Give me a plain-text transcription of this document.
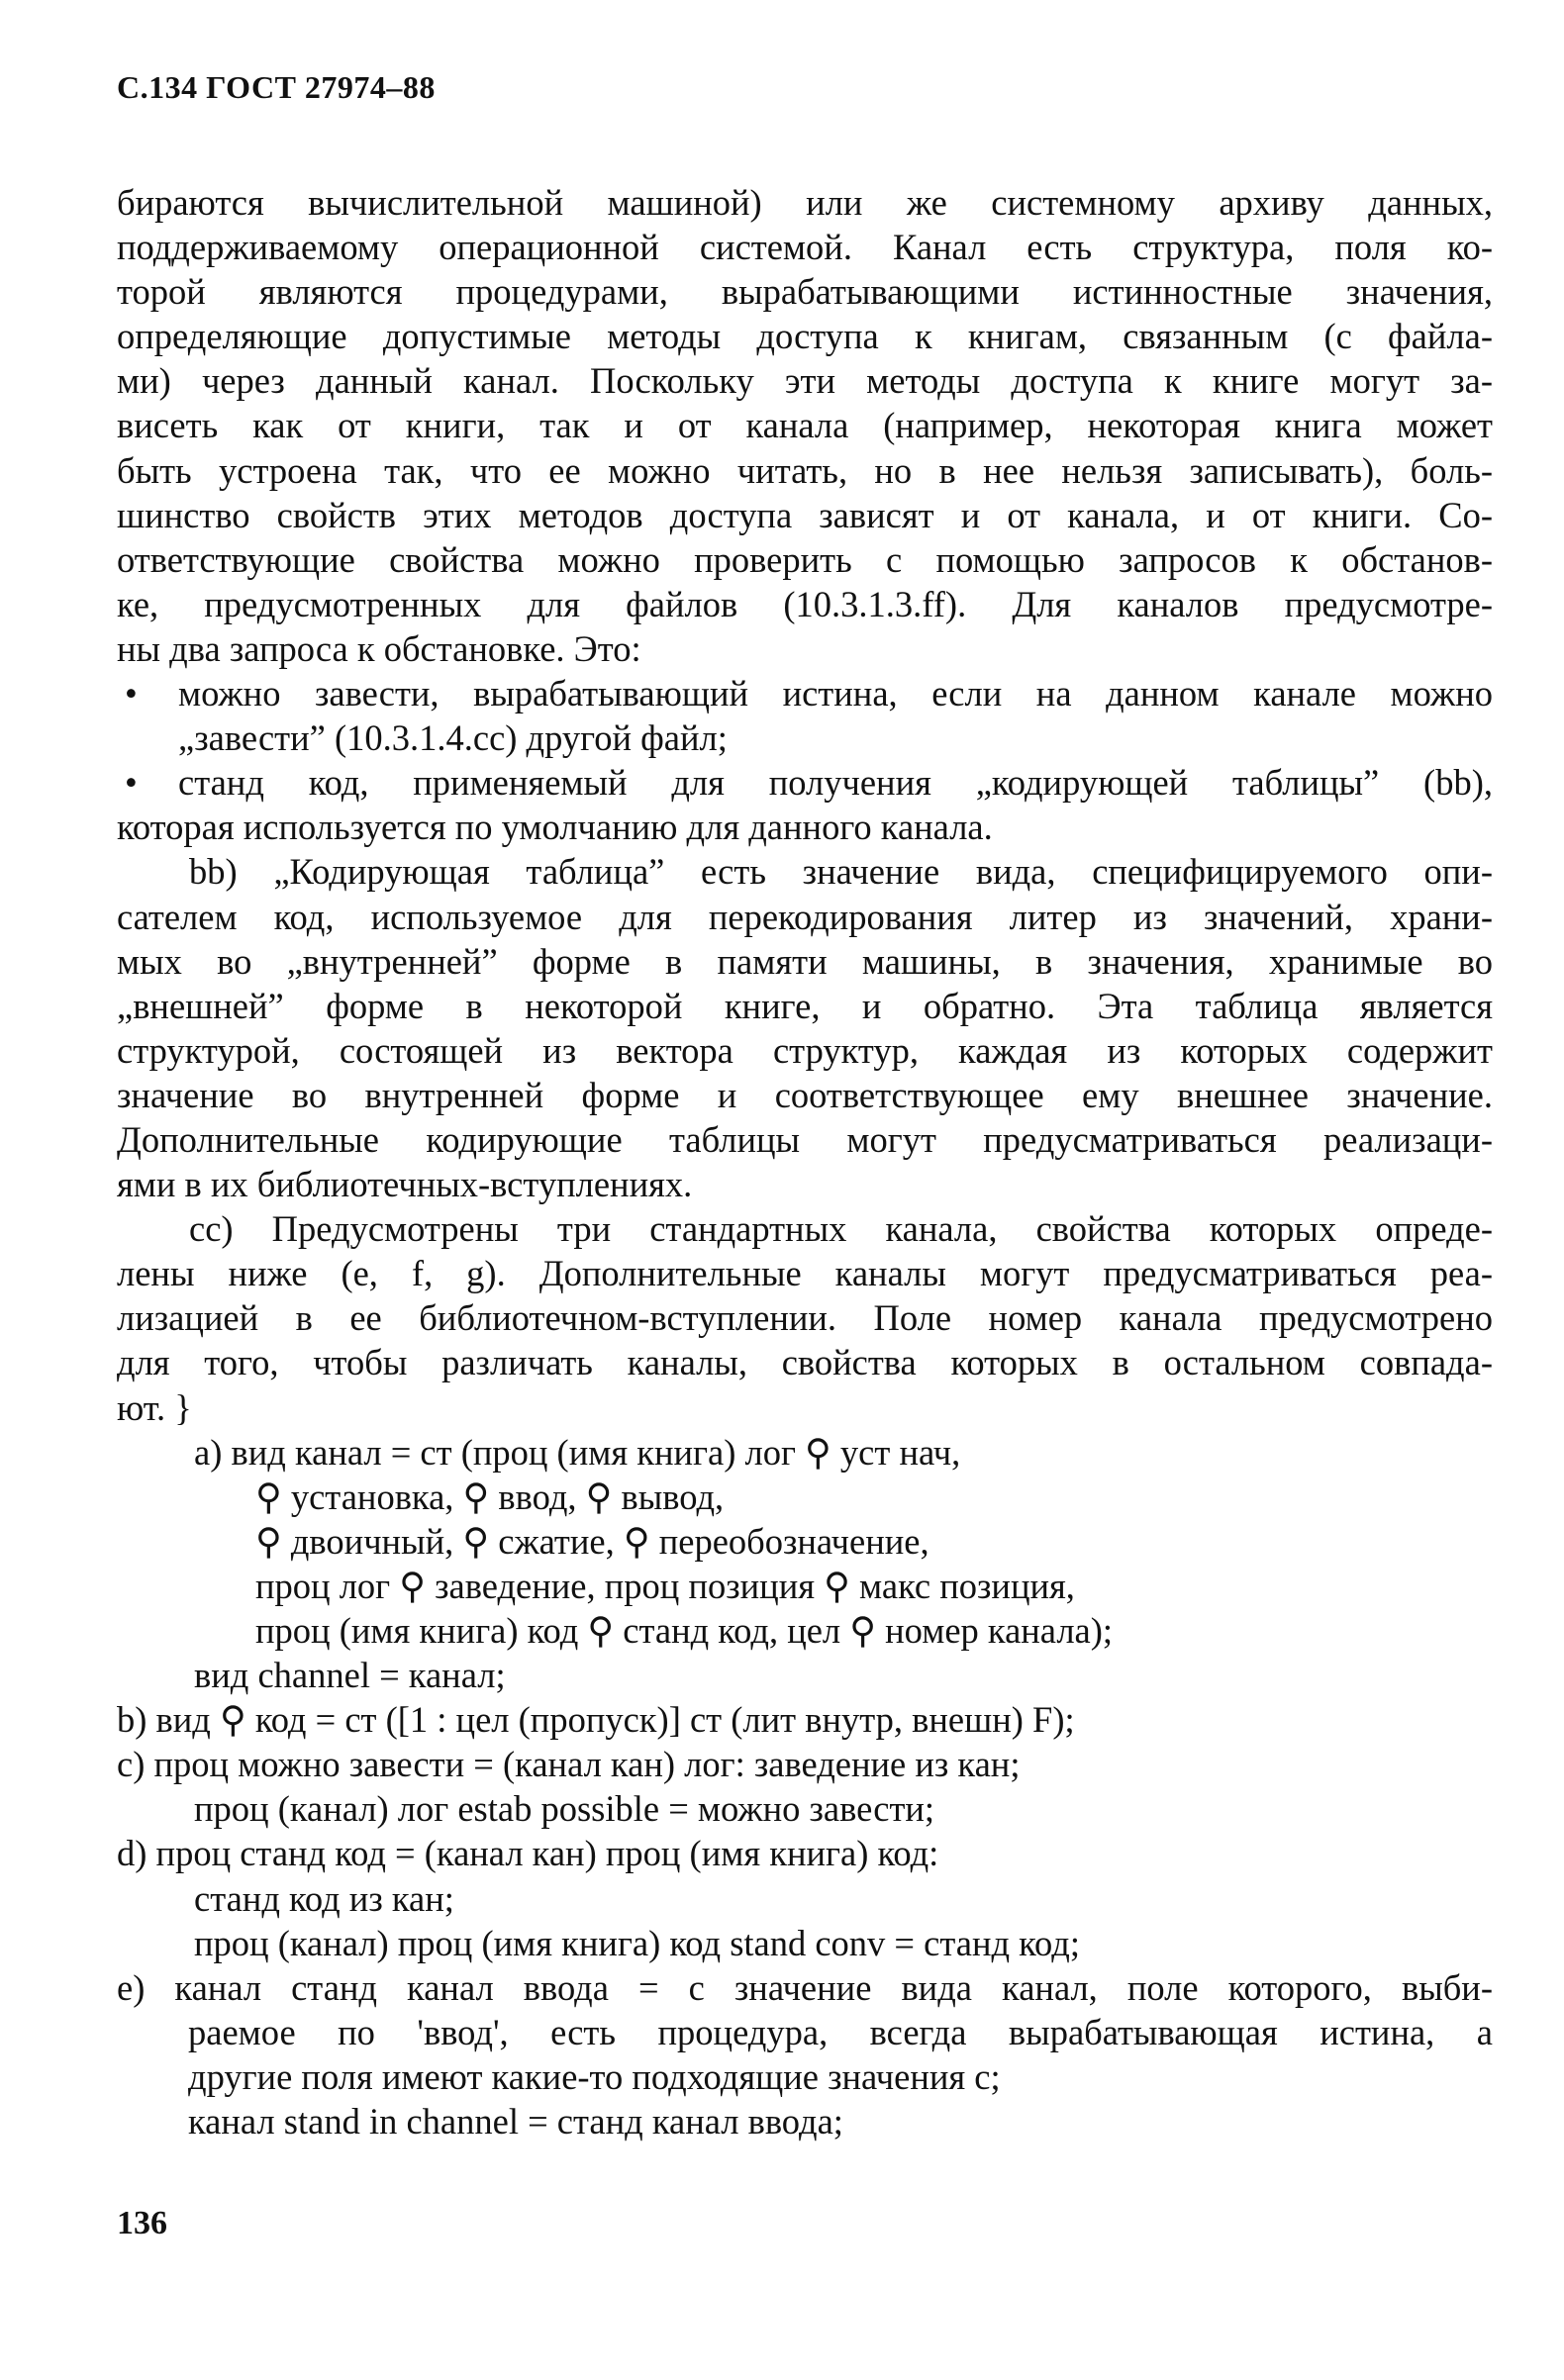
С.134 ГОСТ 27974–88
бираются вычислительной машиной) или же системному архиву данных,
поддерживаемому операционной системой. Канал есть структура, поля ко-
торой являются процедурами, вырабатывающими истинностные значения,
определяющие допустимые методы доступа к книгам, связанным (с файла-
ми) через данный канал. Поскольку эти методы доступа к книге могут за-
висеть как от книги, так и от канала (например, некоторая книга может
быть устроена так, что ее можно читать, но в нее нельзя записывать), боль-
шинство свойств этих методов доступа зависят и от канала, и от книги. Со-
ответствующие свойства можно проверить с помощью запросов к обстанов-
ке, предусмотренных для файлов (10.3.1.3.ff). Для каналов предусмотре-
ны два запроса к обстановке. Это:
•	можно завести, вырабатывающий истина, если на данном канале можно
„завести” (10.3.1.4.cc) другой файл;
•	станд код, применяемый для получения „кодирующей таблицы” (bb),
которая используется по умолчанию для данного канала.
bb) „Кодирующая таблица” есть значение вида, специфицируемого опи-
сателем код, используемое для перекодирования литер из значений, храни-
мых во „внутренней” форме в памяти машины, в значения, хранимые во
„внешней” форме в некоторой книге, и обратно. Эта таблица является
структурой, состоящей из вектора структур, каждая из которых содержит
значение во внутренней форме и соответствующее ему внешнее значение.
Дополнительные кодирующие таблицы могут предусматриваться реализаци-
ями в их библиотечных-вступлениях.
cc) Предусмотрены три стандартных канала, свойства которых опреде-
лены ниже (e, f, g). Дополнительные каналы могут предусматриваться реа-
лизацией в ее библиотечном-вступлении. Поле номер канала предусмотрено
для того, чтобы различать каналы, свойства которых в остальном совпада-
ют. }
a) вид канал = ст (проц (имя книга) лог ⚲ уст нач,
⚲ установка, ⚲ ввод, ⚲ вывод,
⚲ двоичный, ⚲ сжатие, ⚲ переобозначение,
проц лог ⚲ заведение, проц позиция ⚲ макс позиция,
проц (имя книга) код ⚲ станд код, цел ⚲ номер канала);
вид channel = канал;
b) вид ⚲ код = ст ([1 : цел (пропуск)] ст (лит внутр, внешн) F);
c) проц можно завести = (канал кан) лог: заведение из кан;
проц (канал) лог estab possible = можно завести;
d) проц станд код = (канал кан) проц (имя книга) код:
станд код из кан;
проц (канал) проц (имя книга) код stand conv = станд код;
e) канал станд канал ввода = с значение вида канал, поле которого, выби-
раемое по 'ввод', есть процедура, всегда вырабатывающая истина, а
другие поля имеют какие-то подходящие значения c;
канал stand in channel = станд канал ввода;
136
